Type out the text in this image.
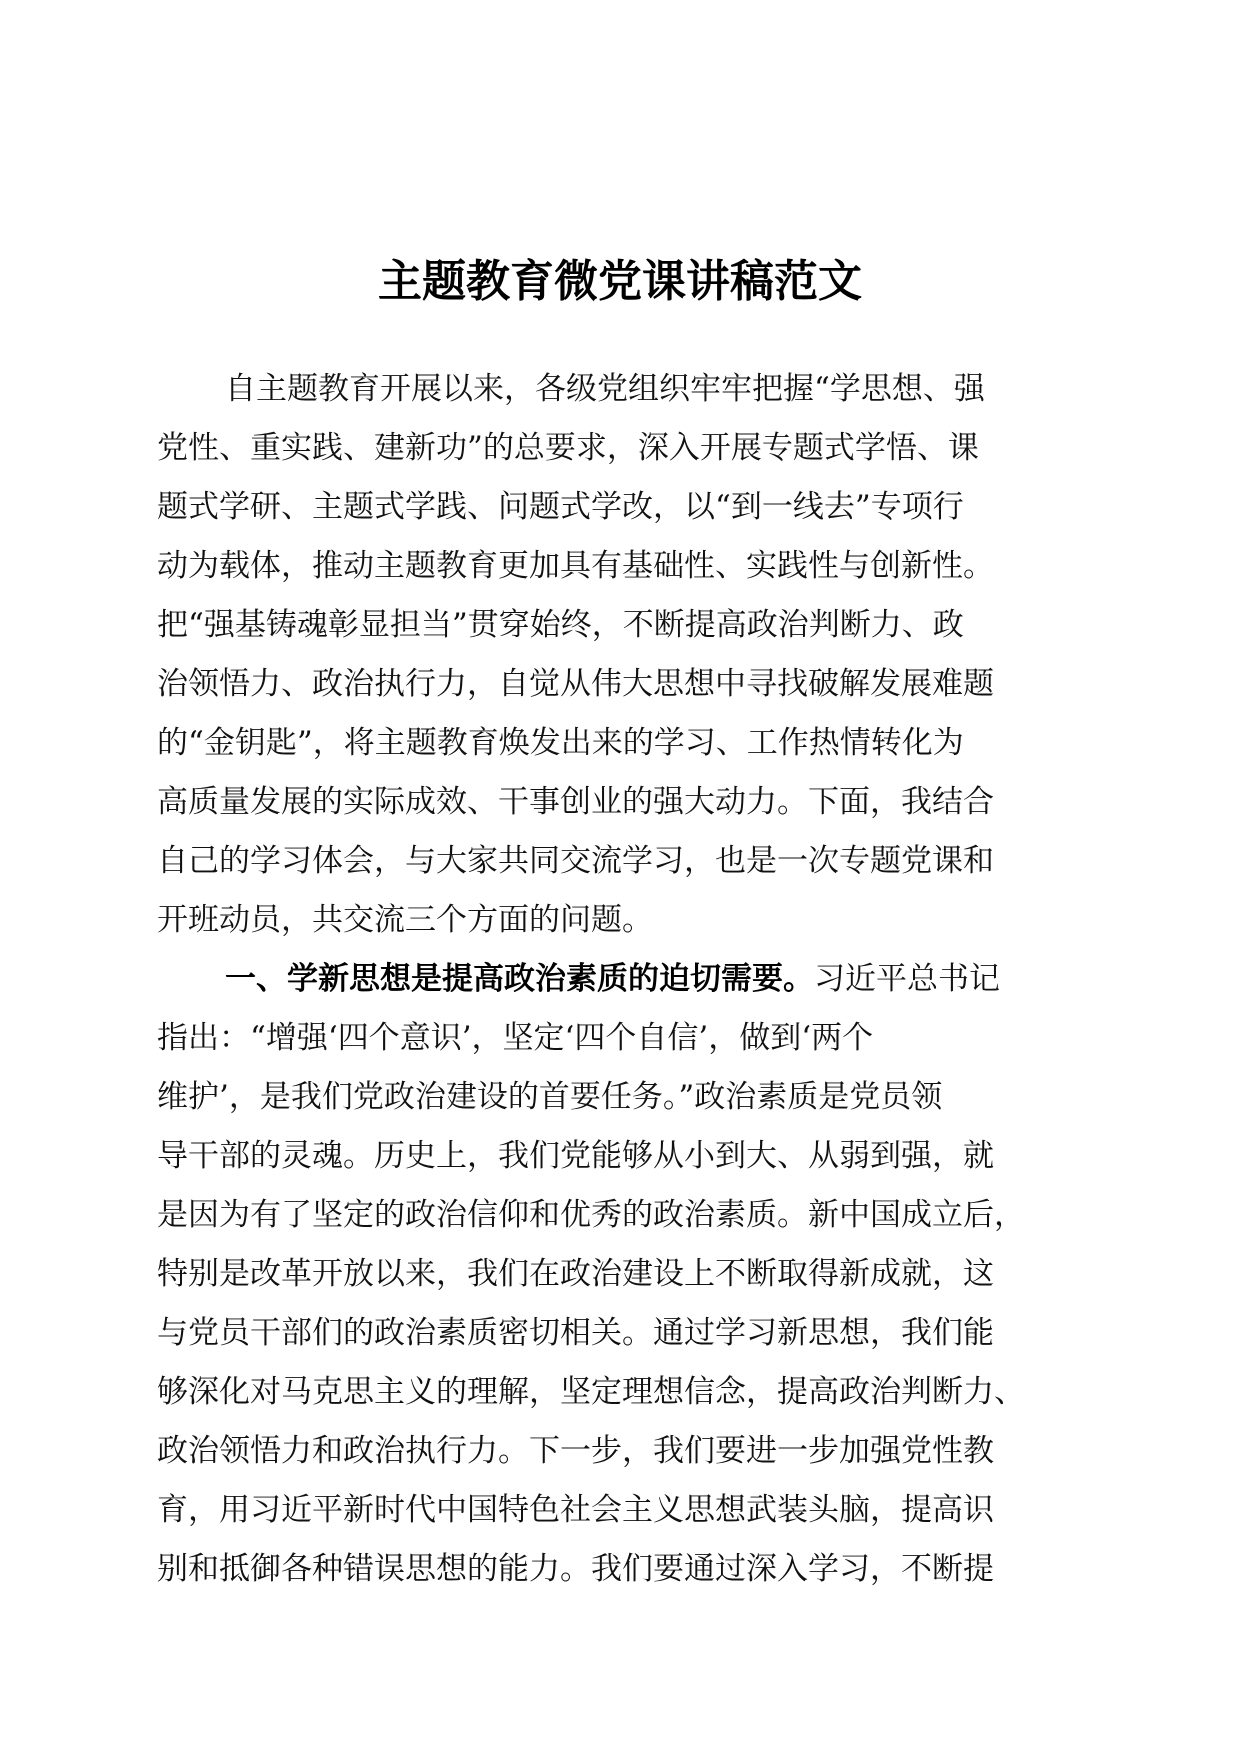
主题教育微党课讲稿范文
自主题教育开展以来，各级党组织牢牢把握“学思想、强
党性、重实践、建新功”的总要求，深入开展专题式学悟、课
题式学研、主题式学践、问题式学改，以“到一线去”专项行
动为载体，推动主题教育更加具有基础性、实践性与创新性。
把“强基铸魂彰显担当”贯穿始终，不断提高政治判断力、政
治领悟力、政治执行力，自觉从伟大思想中寻找破解发展难题
的“金钥匙”，将主题教育焕发出来的学习、工作热情转化为
高质量发展的实际成效、干事创业的强大动力。下面，我结合
自己的学习体会，与大家共同交流学习，也是一次专题党课和
开班动员，共交流三个方面的问题。
一、学新思想是提高政治素质的迫切需要。习近平总书记
指出：“增强‘四个意识’，坚定‘四个自信’，做到‘两个
维护’，是我们党政治建设的首要任务。”政治素质是党员领
导干部的灵魂。历史上，我们党能够从小到大、从弱到强，就
是因为有了坚定的政治信仰和优秀的政治素质。新中国成立后，
特别是改革开放以来，我们在政治建设上不断取得新成就，这
与党员干部们的政治素质密切相关。通过学习新思想，我们能
够深化对马克思主义的理解，坚定理想信念，提高政治判断力、
政治领悟力和政治执行力。下一步，我们要进一步加强党性教
育，用习近平新时代中国特色社会主义思想武装头脑，提高识
别和抵御各种错误思想的能力。我们要通过深入学习，不断提
